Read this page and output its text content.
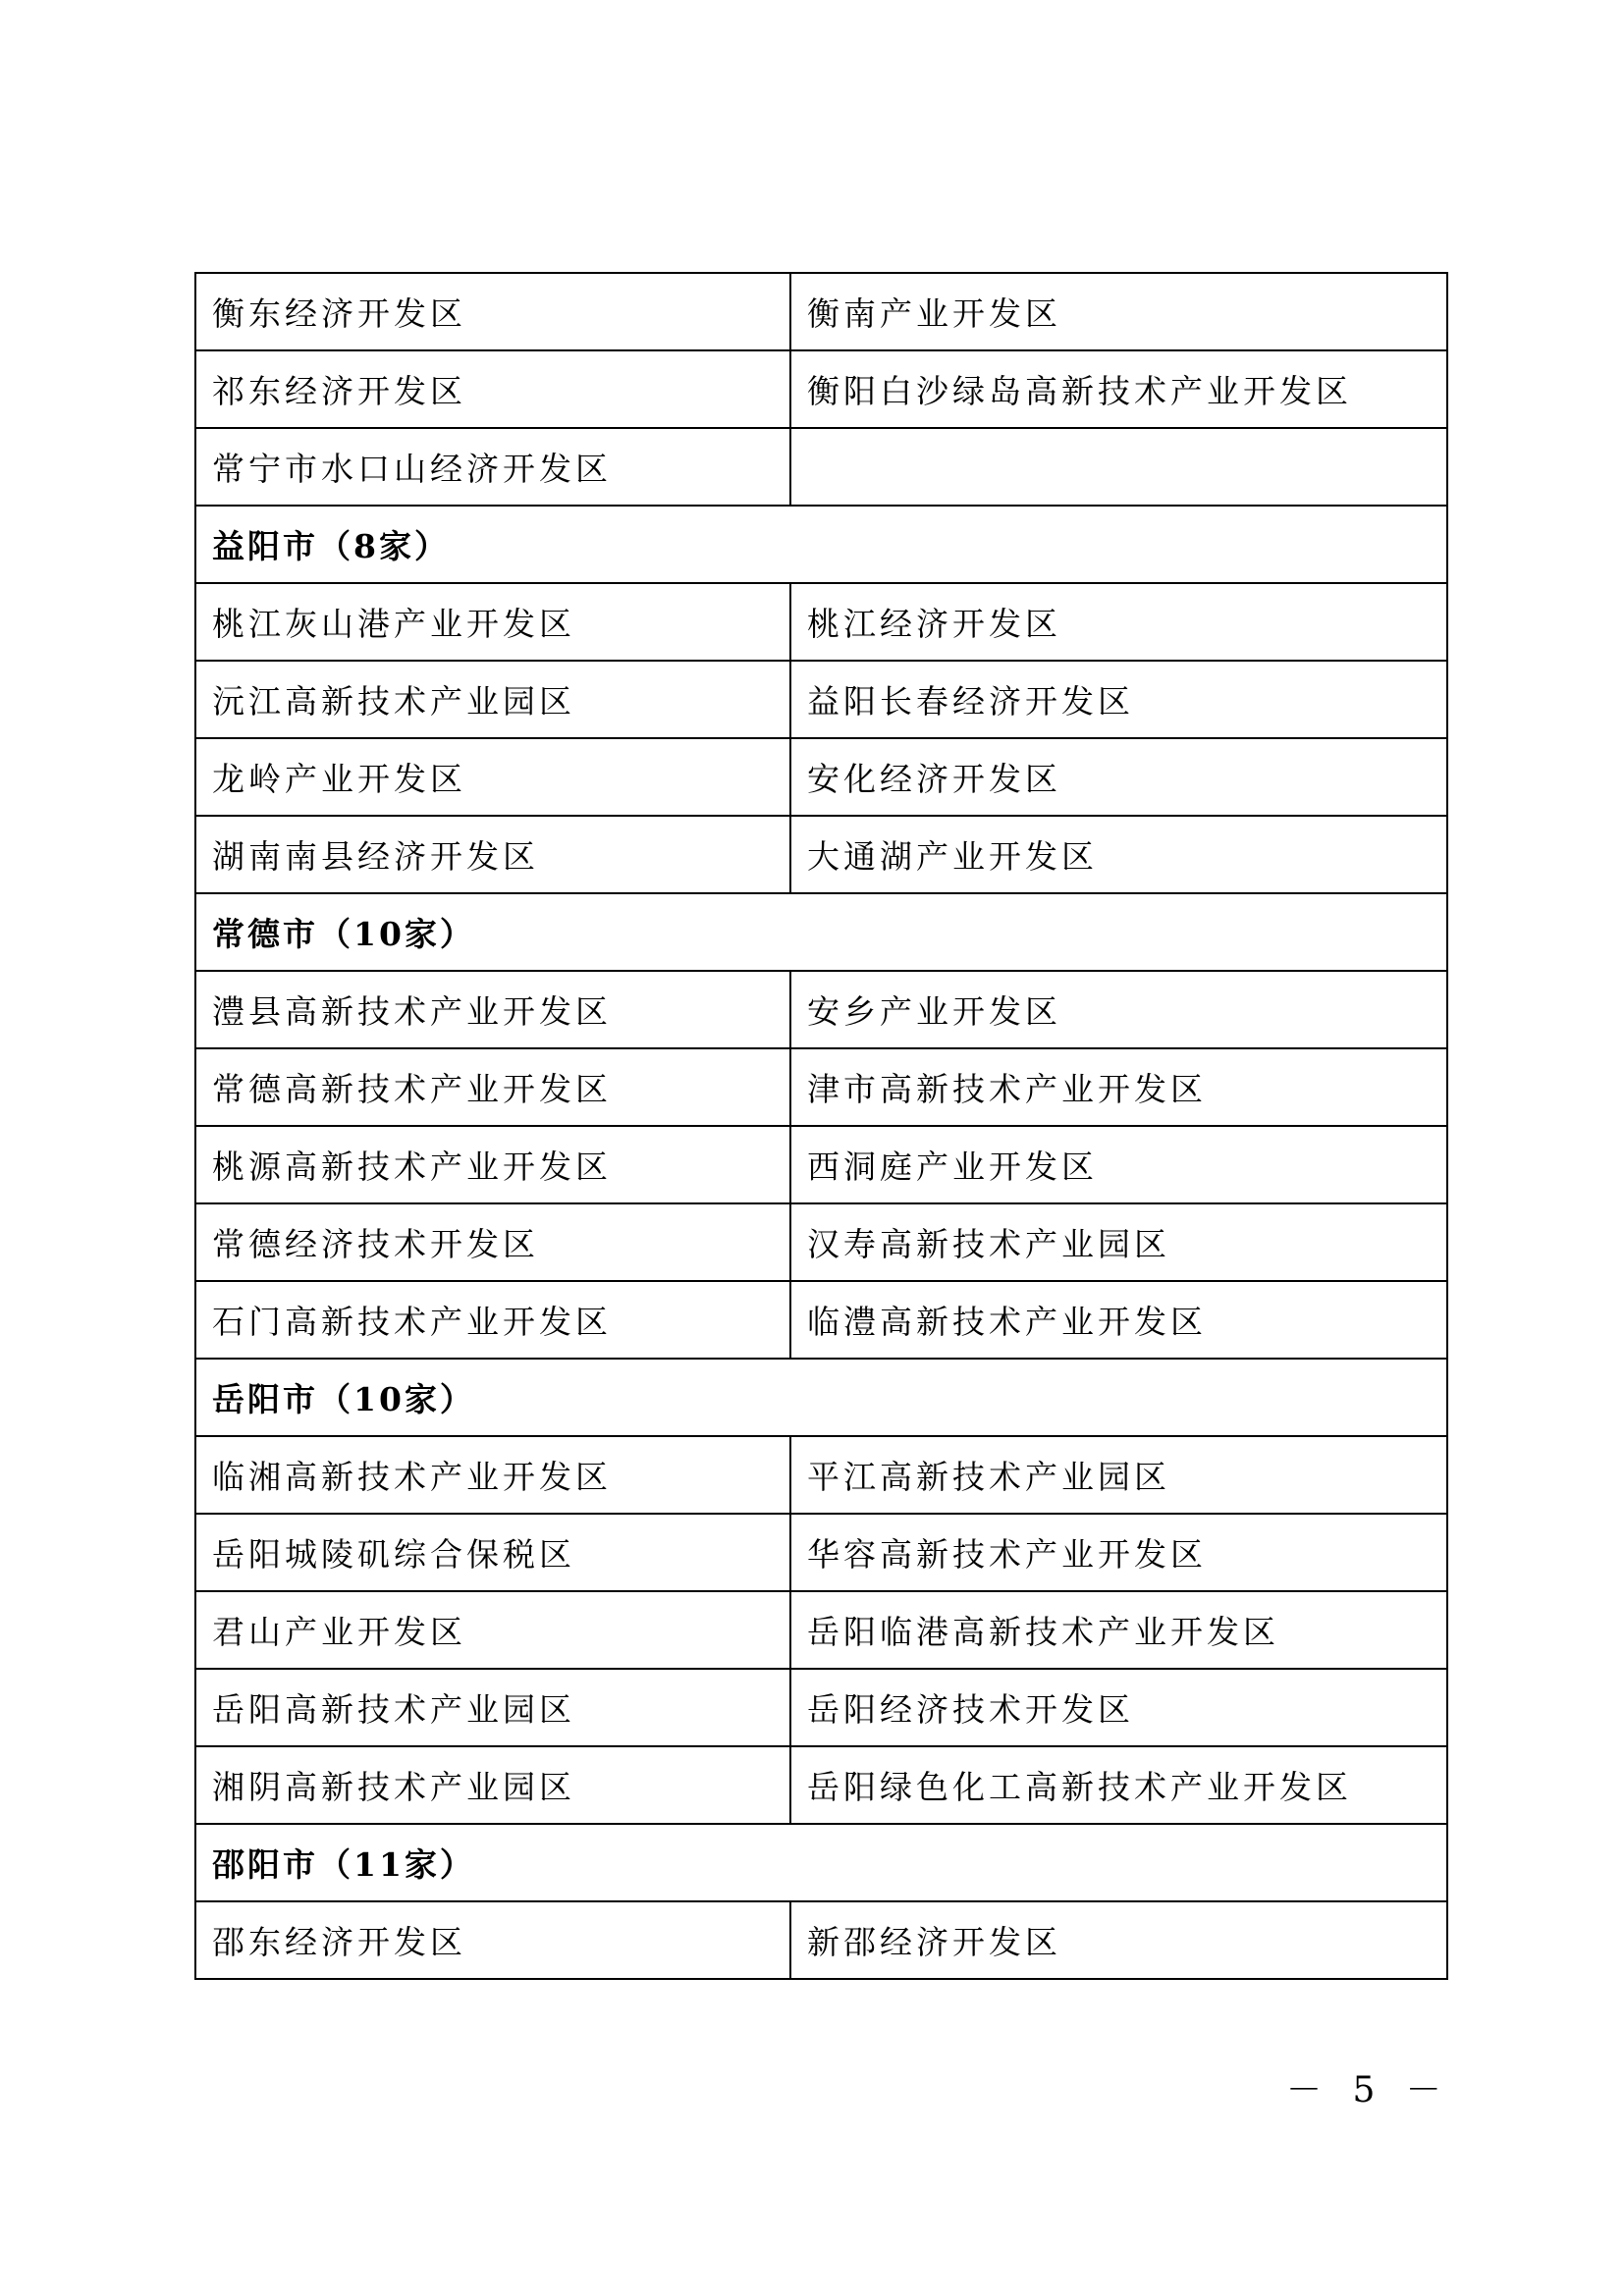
衡东经济开发区	衡南产业开发区
祁东经济开发区	衡阳白沙绿岛高新技术产业开发区
常宁市水口山经济开发区	
益阳市（8家）	
桃江灰山港产业开发区	桃江经济开发区
沅江高新技术产业园区	益阳长春经济开发区
龙岭产业开发区	安化经济开发区
湖南南县经济开发区	大通湖产业开发区
常德市（10家）	
澧县高新技术产业开发区	安乡产业开发区
常德高新技术产业开发区	津市高新技术产业开发区
桃源高新技术产业开发区	西洞庭产业开发区
常德经济技术开发区	汉寿高新技术产业园区
石门高新技术产业开发区	临澧高新技术产业开发区
岳阳市（10家）	
临湘高新技术产业开发区	平江高新技术产业园区
岳阳城陵矶综合保税区	华容高新技术产业开发区
君山产业开发区	岳阳临港高新技术产业开发区
岳阳高新技术产业园区	岳阳经济技术开发区
湘阴高新技术产业园区	岳阳绿色化工高新技术产业开发区
邵阳市（11家）	
邵东经济开发区	新邵经济开发区
－ 5 －
